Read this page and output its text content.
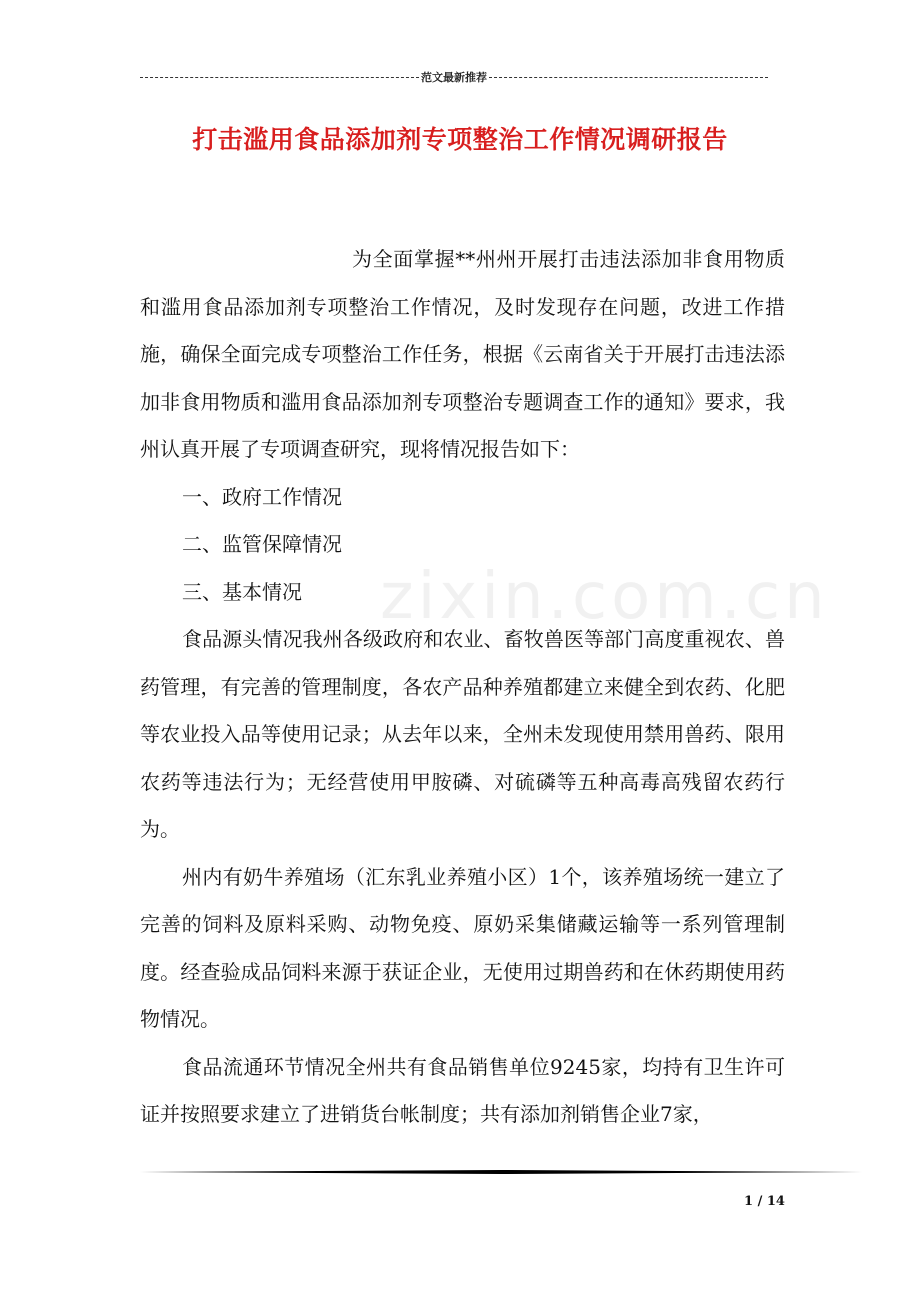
范文最新推荐
打击滥用食品添加剂专项整治工作情况调研报告
zixin.com.cn

为全面掌握**州州开展打击违法添加非食用物质和滥用食品添加剂专项整治工作情况，及时发现存在问题，改进工作措施，确保全面完成专项整治工作任务，根据《云南省关于开展打击违法添加非食用物质和滥用食品添加剂专项整治专题调查工作的通知》要求，我州认真开展了专项调查研究，现将情况报告如下：

一、政府工作情况

二、监管保障情况

三、基本情况

食品源头情况我州各级政府和农业、畜牧兽医等部门高度重视农、兽药管理，有完善的管理制度，各农产品种养殖都建立来健全到农药、化肥等农业投入品等使用记录；从去年以来，全州未发现使用禁用兽药、限用农药等违法行为；无经营使用甲胺磷、对硫磷等五种高毒高残留农药行为。

州内有奶牛养殖场（汇东乳业养殖小区）1个，该养殖场统一建立了完善的饲料及原料采购、动物免疫、原奶采集储藏运输等一系列管理制度。经查验成品饲料来源于获证企业，无使用过期兽药和在休药期使用药物情况。

食品流通环节情况全州共有食品销售单位9245家，均持有卫生许可证并按照要求建立了进销货台帐制度；共有添加剂销售企业7家，

1 / 14
